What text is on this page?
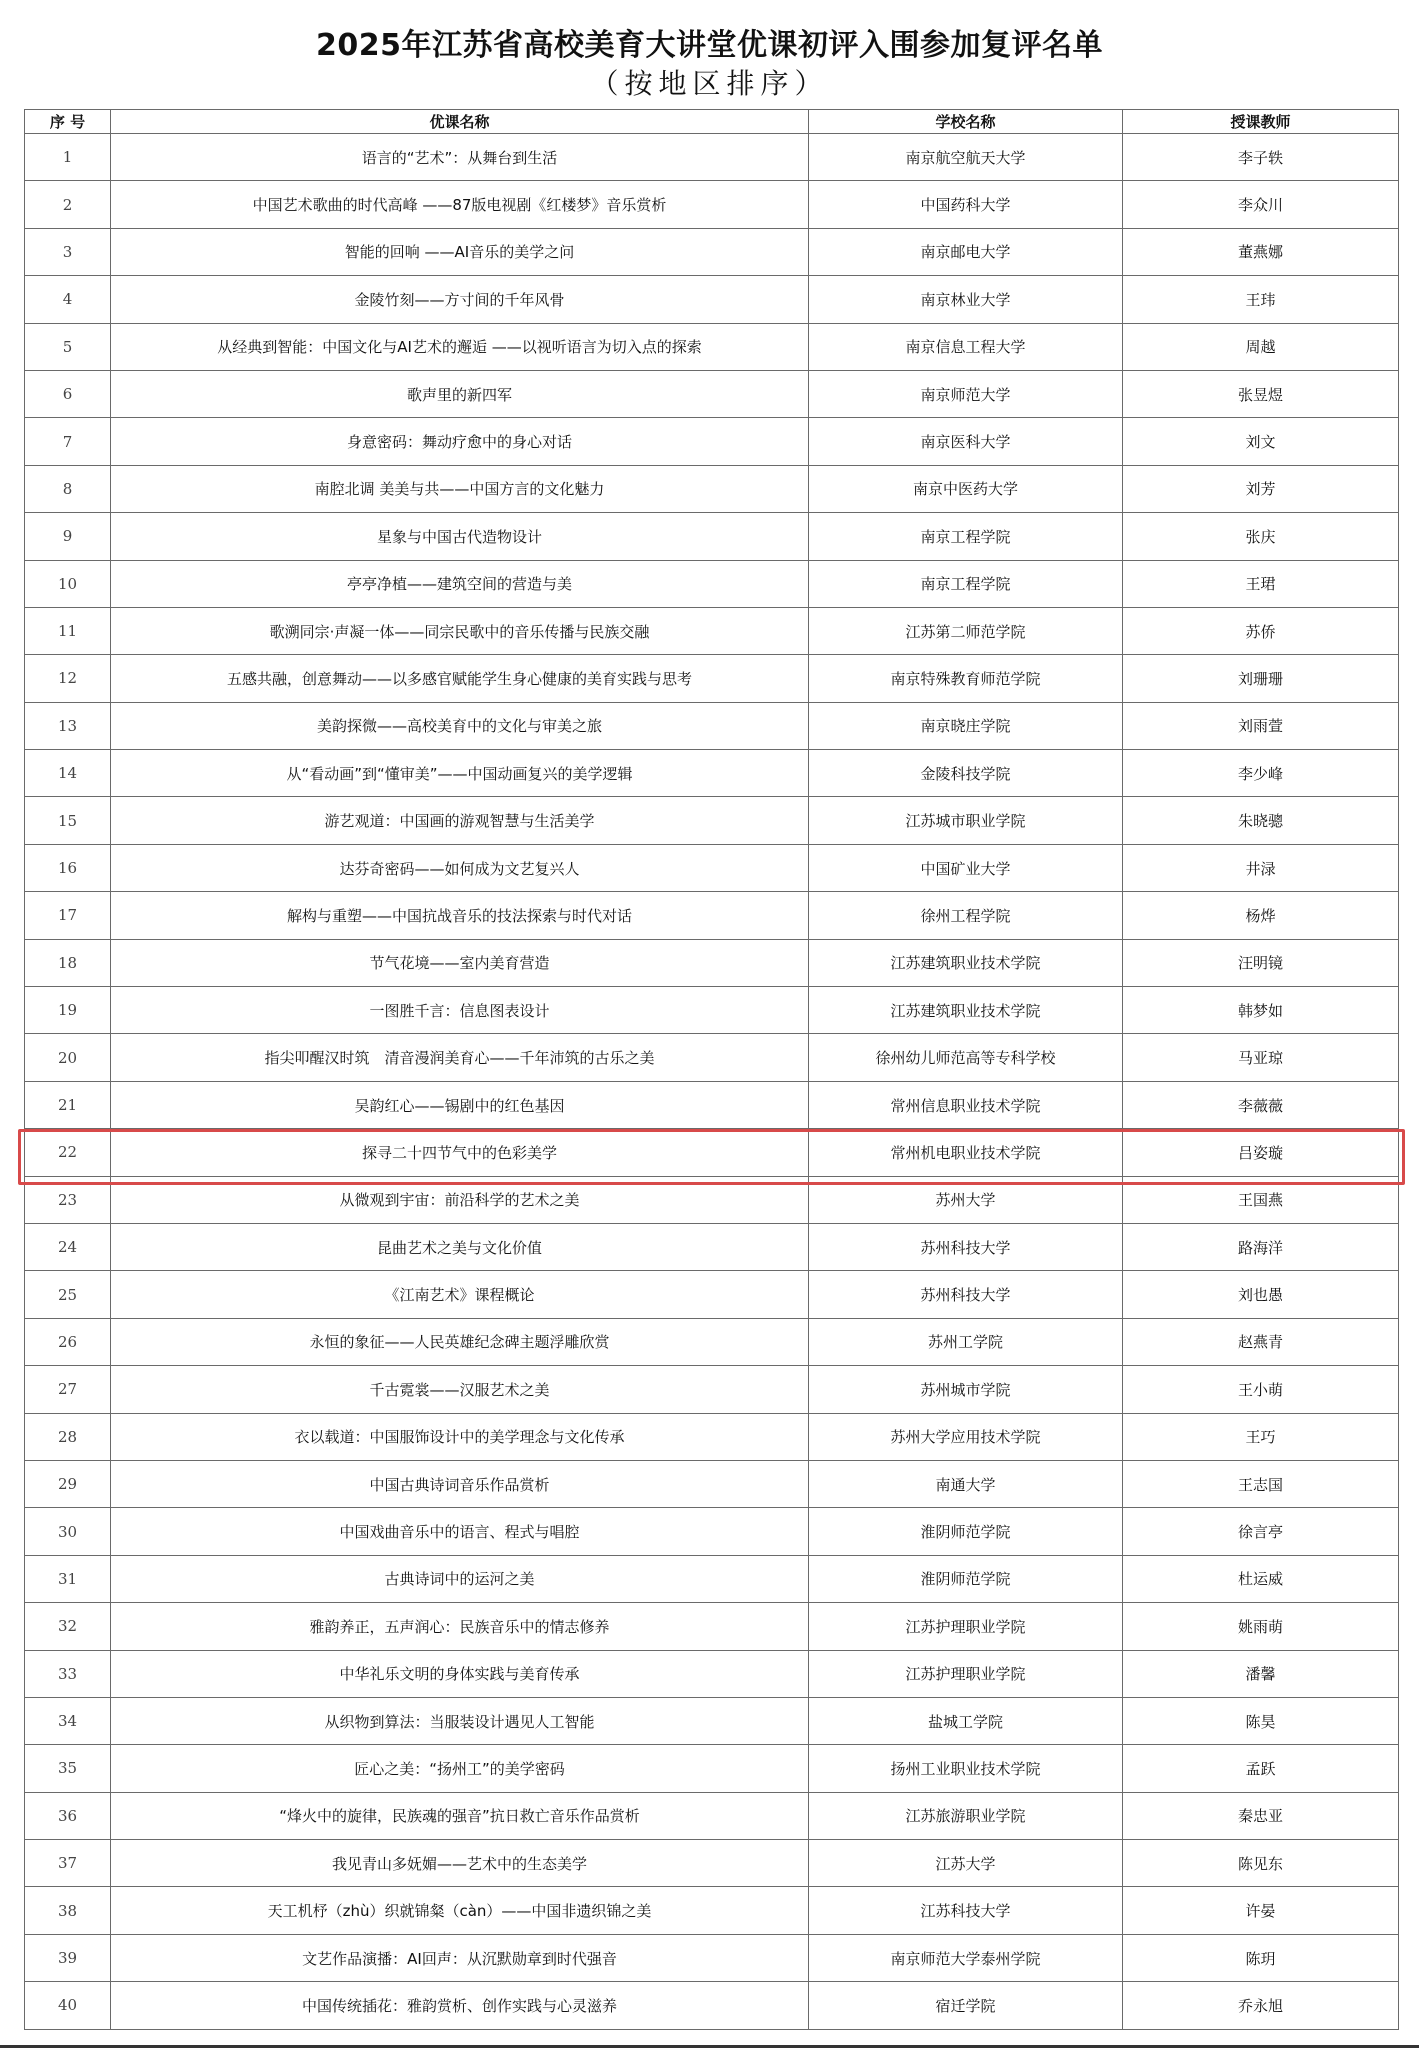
2025年江苏省高校美育大讲堂优课初评入围参加复评名单
（按地区排序）
序 号	优课名称	学校名称	授课教师
1	语言的“艺术”：从舞台到生活	南京航空航天大学	李子轶
2	中国艺术歌曲的时代高峰 ——87版电视剧《红楼梦》音乐赏析	中国药科大学	李众川
3	智能的回响 ——AI音乐的美学之问	南京邮电大学	董燕娜
4	金陵竹刻——方寸间的千年风骨	南京林业大学	王玮
5	从经典到智能：中国文化与AI艺术的邂逅 ——以视听语言为切入点的探索	南京信息工程大学	周越
6	歌声里的新四军	南京师范大学	张昱煜
7	身意密码：舞动疗愈中的身心对话	南京医科大学	刘文
8	南腔北调 美美与共——中国方言的文化魅力	南京中医药大学	刘芳
9	星象与中国古代造物设计	南京工程学院	张庆
10	亭亭净植——建筑空间的营造与美	南京工程学院	王珺
11	歌溯同宗·声凝一体——同宗民歌中的音乐传播与民族交融	江苏第二师范学院	苏侨
12	五感共融，创意舞动——以多感官赋能学生身心健康的美育实践与思考	南京特殊教育师范学院	刘珊珊
13	美韵探微——高校美育中的文化与审美之旅	南京晓庄学院	刘雨萱
14	从“看动画”到“懂审美”——中国动画复兴的美学逻辑	金陵科技学院	李少峰
15	游艺观道：中国画的游观智慧与生活美学	江苏城市职业学院	朱晓骢
16	达芬奇密码——如何成为文艺复兴人	中国矿业大学	井渌
17	解构与重塑——中国抗战音乐的技法探索与时代对话	徐州工程学院	杨烨
18	节气花境——室内美育营造	江苏建筑职业技术学院	汪明镜
19	一图胜千言：信息图表设计	江苏建筑职业技术学院	韩梦如
20	指尖叩醒汉时筑　清音漫润美育心——千年沛筑的古乐之美	徐州幼儿师范高等专科学校	马亚琼
21	吴韵红心——锡剧中的红色基因	常州信息职业技术学院	李薇薇
22	探寻二十四节气中的色彩美学	常州机电职业技术学院	吕姿璇
23	从微观到宇宙：前沿科学的艺术之美	苏州大学	王国燕
24	昆曲艺术之美与文化价值	苏州科技大学	路海洋
25	《江南艺术》课程概论	苏州科技大学	刘也愚
26	永恒的象征——人民英雄纪念碑主题浮雕欣赏	苏州工学院	赵燕青
27	千古霓裳——汉服艺术之美	苏州城市学院	王小萌
28	衣以载道：中国服饰设计中的美学理念与文化传承	苏州大学应用技术学院	王巧
29	中国古典诗词音乐作品赏析	南通大学	王志国
30	中国戏曲音乐中的语言、程式与唱腔	淮阴师范学院	徐言亭
31	古典诗词中的运河之美	淮阴师范学院	杜运威
32	雅韵养正，五声润心：民族音乐中的情志修养	江苏护理职业学院	姚雨萌
33	中华礼乐文明的身体实践与美育传承	江苏护理职业学院	潘馨
34	从织物到算法：当服装设计遇见人工智能	盐城工学院	陈昊
35	匠心之美：“扬州工”的美学密码	扬州工业职业技术学院	孟跃
36	“烽火中的旋律，民族魂的强音”抗日救亡音乐作品赏析	江苏旅游职业学院	秦忠亚
37	我见青山多妩媚——艺术中的生态美学	江苏大学	陈见东
38	天工机杼（zhù）织就锦粲（càn）——中国非遗织锦之美	江苏科技大学	许晏
39	文艺作品演播：AI回声：从沉默勋章到时代强音	南京师范大学泰州学院	陈玥
40	中国传统插花：雅韵赏析、创作实践与心灵滋养	宿迁学院	乔永旭
